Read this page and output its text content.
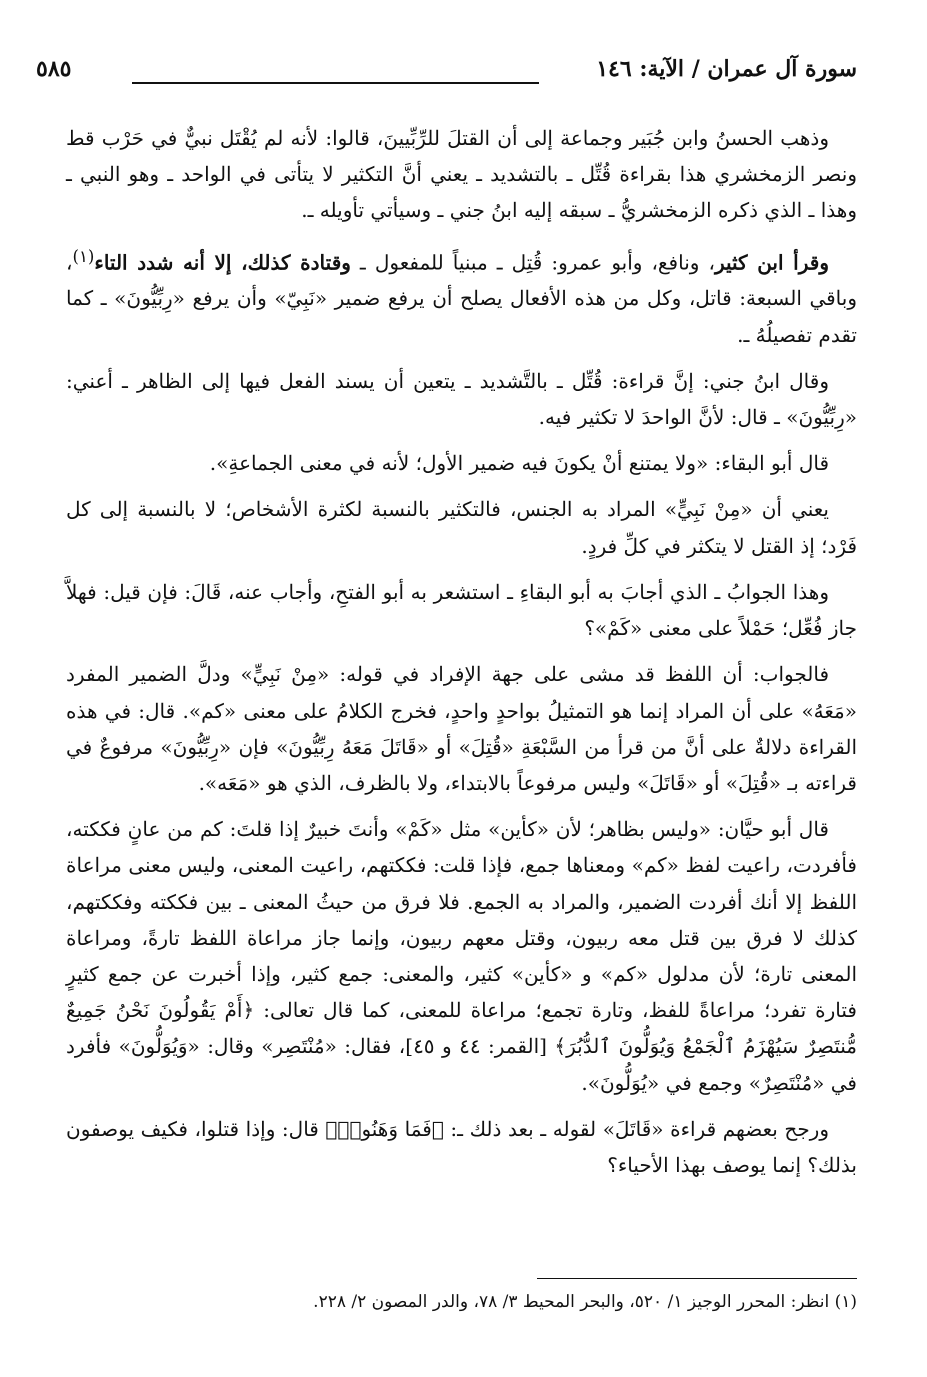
سورة آل عمران / الآية: ١٤٦
٥٨٥

وذهب الحسنُ وابن جُبَير وجماعة إلى أن القتلَ للرِّبِّيينَ، قالوا: لأنه لم يُقْتَل نبيٌّ في حَرْب قط ونصر الزمخشري هذا بقراءة قُتِّل ـ بالتشديد ـ يعني أنَّ التكثير لا يتأتى في الواحد ـ وهو النبي ـ وهذا ـ الذي ذكره الزمخشريُّ ـ سبقه إليه ابنُ جني ـ وسيأتي تأويله ـ.

وقرأ ابن كثير، ونافع، وأبو عمرو: قُتِل ـ مبنياً للمفعول ـ وقتادة كذلك، إلا أنه شدد التاء$^{(١)}$، وباقي السبعة: قاتل، وكل من هذه الأفعال يصلح أن يرفع ضمير «نَبِيّ» وأن يرفع «رِبِّيُّونَ» ـ كما تقدم تفصيلُهُ ـ.

وقال ابنُ جني: إنَّ قراءة: قُتِّل ـ بالتَّشديد ـ يتعين أن يسند الفعل فيها إلى الظاهر ـ أعني: «رِبِّيُّونَ» ـ قال: لأنَّ الواحدَ لا تكثير فيه.

قال أبو البقاء: «ولا يمتنع أنْ يكونَ فيه ضمير الأول؛ لأنه في معنى الجماعةِ».

يعني أن «مِنْ نَبِيٍّ» المراد به الجنس، فالتكثير بالنسبة لكثرة الأشخاص؛ لا بالنسبة إلى كل فَرْد؛ إذ القتل لا يتكثر في كلِّ فردٍ.

وهذا الجوابُ ـ الذي أجابَ به أبو البقاءِ ـ استشعر به أبو الفتحِ، وأجاب عنه، قَالَ: فإن قيل: فهلاَّ جاز فُعِّل؛ حَمْلاً على معنى «كَمْ»؟

فالجواب: أن اللفظ قد مشى على جهة الإفراد في قوله: «مِنْ نَبِيٍّ» ودلَّ الضمير المفرد «مَعَهُ» على أن المراد إنما هو التمثيلُ بواحدٍ واحدٍ، فخرج الكلامُ على معنى «كم». قال: في هذه القراءة دلالةٌ على أنَّ من قرأ من السَّبْعَةِ «قُتِلَ» أو «قَاتَلَ مَعَهُ رِبِّيُّونَ» فإن «رِبِّيُّونَ» مرفوعٌ في قراءته بـ «قُتِلَ» أو «قَاتَلَ» وليس مرفوعاً بالابتداء، ولا بالظرف، الذي هو «مَعَه».

قال أبو حيَّان: «وليس بظاهر؛ لأن «كأين» مثل «كَمْ» وأنتَ خبيرٌ إذا قلتَ: كم من عانٍ فككته، فأفردت، راعيت لفظ «كم» ومعناها جمع، فإذا قلت: فككتهم، راعيت المعنى، وليس معنى مراعاة اللفظ إلا أنك أفردت الضمير، والمراد به الجمع. فلا فرق من حيثُ المعنى ـ بين فككته وفككتهم، كذلك لا فرق بين قتل معه ربيون، وقتل معهم ربيون، وإنما جاز مراعاة اللفظ تارةً، ومراعاة المعنى تارة؛ لأن مدلول «كم» و «كأين» كثير، والمعنى: جمع كثير، وإذا أخبرت عن جمع كثيرٍ فتارة تفرد؛ مراعاةً للفظ، وتارة تجمع؛ مراعاة للمعنى، كما قال تعالى: ﴿أَمْ يَقُولُونَ نَحْنُ جَمِيعٌ مُّنتَصِرٌ سَيُهْزَمُ ٱلْجَمْعُ وَيُوَلُّونَ ٱلدُّبُرَ﴾ [القمر: ٤٤ و ٤٥]، فقال: «مُنْتَصِر» وقال: «وَيُوَلُّونَ» فأفرد في «مُنْتَصِرٌ» وجمع في «يُوَلُّونَ».

ورجح بعضهم قراءة «قَاتَلَ» لقوله ـ بعد ذلك ـ: ﴿فَمَا وَهَنُوا۟﴾ قال: وإذا قتلوا، فكيف يوصفون بذلك؟ إنما يوصف بهذا الأحياء؟

(١) انظر: المحرر الوجيز ١/ ٥٢٠، والبحر المحيط ٣/ ٧٨، والدر المصون ٢/ ٢٢٨.
